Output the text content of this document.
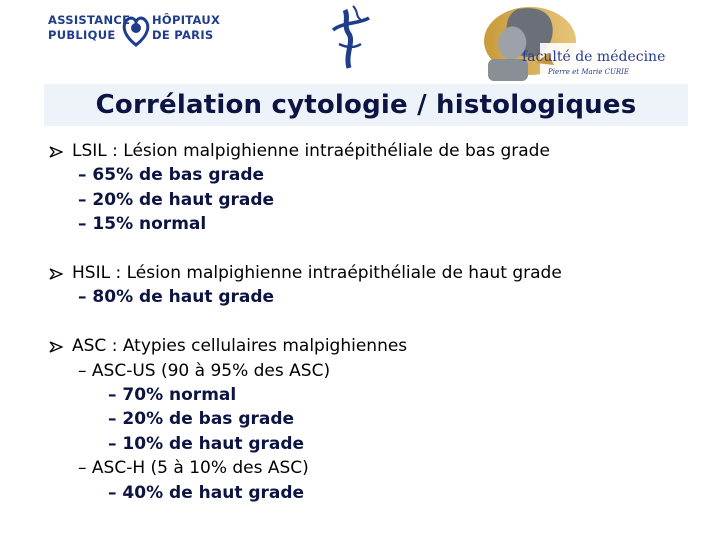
ASSISTANCE
PUBLIQUE
HÔPITAUX
DE PARIS
faculté de médecine
Pierre et Marie CURIE
Corrélation cytologie / histologiques
LSIL : Lésion malpighienne intraépithéliale de bas grade
– 65% de bas grade
– 20% de haut grade
– 15% normal
HSIL : Lésion malpighienne intraépithéliale de haut grade
– 80% de haut grade
ASC : Atypies cellulaires malpighiennes
– ASC-US (90 à 95% des ASC)
– 70% normal
– 20% de bas grade
– 10% de haut grade
– ASC-H (5 à 10% des ASC)
– 40% de haut grade
